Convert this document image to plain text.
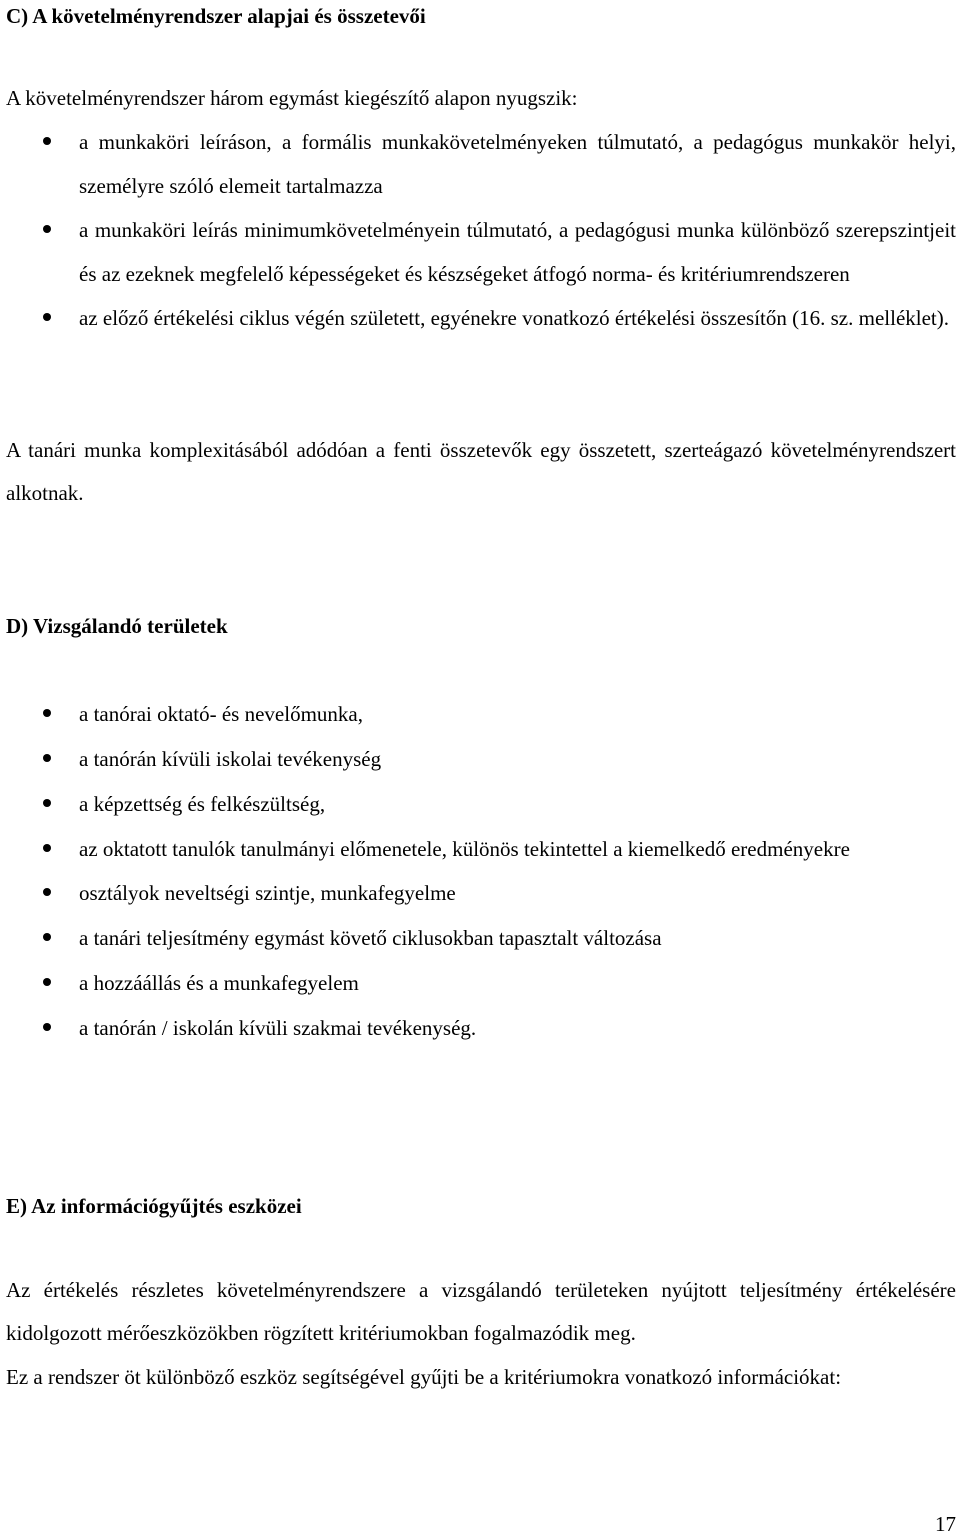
C) A követelményrendszer alapjai és összetevői

A követelményrendszer három egymást kiegészítő alapon nyugszik:

a munkaköri leíráson, a formális munkakövetelményeken túlmutató, a pedagógus munkakör helyi, személyre szóló elemeit tartalmazza
a munkaköri leírás minimumkövetelményein túlmutató, a pedagógusi munka különböző szerepszintjeit és az ezeknek megfelelő képességeket és készségeket átfogó norma- és kritériumrendszeren
az előző értékelési ciklus végén született, egyénekre vonatkozó értékelési összesítőn (16. sz. melléklet).

A tanári munka komplexitásából adódóan a fenti összetevők egy összetett, szerteágazó követelményrendszert alkotnak.

D) Vizsgálandó területek
a tanórai oktató- és nevelőmunka,
a tanórán kívüli iskolai tevékenység
a képzettség és felkészültség,
az oktatott tanulók tanulmányi előmenetele, különös tekintettel a kiemelkedő eredményekre
osztályok neveltségi szintje, munkafegyelme
a tanári teljesítmény egymást követő ciklusokban tapasztalt változása
a hozzáállás és a munkafegyelem
a tanórán / iskolán kívüli szakmai tevékenység.
E) Az információgyűjtés eszközei

Az értékelés részletes követelményrendszere a vizsgálandó területeken nyújtott teljesítmény értékelésére kidolgozott mérőeszközökben rögzített kritériumokban fogalmazódik meg.

Ez a rendszer öt különböző eszköz segítségével gyűjti be a kritériumokra vonatkozó információkat:

17
